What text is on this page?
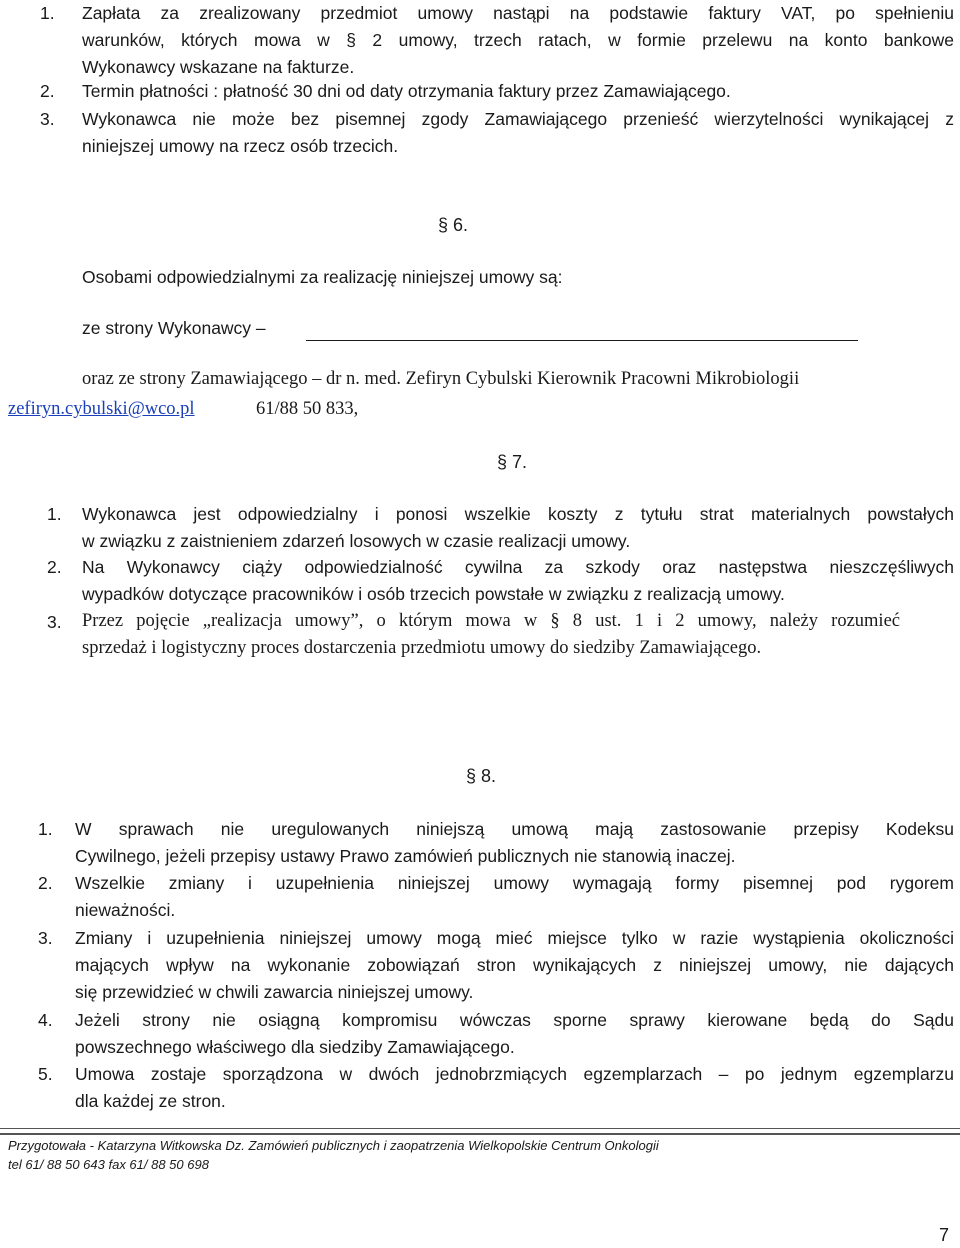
1. Zapłata za zrealizowany przedmiot umowy nastąpi na podstawie faktury VAT, po spełnieniu
warunków, których mowa w § 2 umowy, trzech ratach, w formie przelewu na konto bankowe
Wykonawcy wskazane na fakturze.
2. Termin płatności : płatność 30 dni od daty otrzymania faktury przez Zamawiającego.
3. Wykonawca nie może bez pisemnej zgody Zamawiającego przenieść wierzytelności wynikającej z
niniejszej umowy na rzecz osób trzecich.
§ 6.
Osobami odpowiedzialnymi za realizację niniejszej umowy są:
ze strony Wykonawcy –
oraz ze strony Zamawiającego – dr n. med. Zefiryn Cybulski Kierownik Pracowni Mikrobiologii
zefiryn.cybulski@wco.pl	61/88 50 833,
§ 7.
1. Wykonawca jest odpowiedzialny i ponosi wszelkie koszty z tytułu strat materialnych powstałych
w związku z zaistnieniem zdarzeń losowych w czasie realizacji umowy.
2. Na Wykonawcy ciąży odpowiedzialność cywilna za szkody oraz następstwa nieszczęśliwych
wypadków dotyczące pracowników i osób trzecich powstałe w związku z realizacją umowy.
3. Przez pojęcie „realizacja umowy”, o którym mowa w § 8 ust. 1 i 2 umowy, należy rozumieć
sprzedaż i logistyczny proces dostarczenia przedmiotu umowy do siedziby Zamawiającego.
§ 8.
1. W sprawach nie uregulowanych niniejszą umową mają zastosowanie przepisy Kodeksu
Cywilnego, jeżeli przepisy ustawy Prawo zamówień publicznych nie stanowią inaczej.
2. Wszelkie zmiany i uzupełnienia niniejszej umowy wymagają formy pisemnej pod rygorem
nieważności.
3. Zmiany i uzupełnienia niniejszej umowy mogą mieć miejsce tylko w razie wystąpienia okoliczności
mających wpływ na wykonanie zobowiązań stron wynikających z niniejszej umowy, nie dających
się przewidzieć w chwili zawarcia niniejszej umowy.
4. Jeżeli strony nie osiągną kompromisu wówczas sporne sprawy kierowane będą do Sądu
powszechnego właściwego dla siedziby Zamawiającego.
5. Umowa zostaje sporządzona w dwóch jednobrzmiących egzemplarzach – po jednym egzemplarzu
dla każdej ze stron.
Przygotowała - Katarzyna Witkowska Dz. Zamówień publicznych i zaopatrzenia Wielkopolskie Centrum Onkologii
tel 61/ 88 50 643 fax 61/ 88 50 698
7
